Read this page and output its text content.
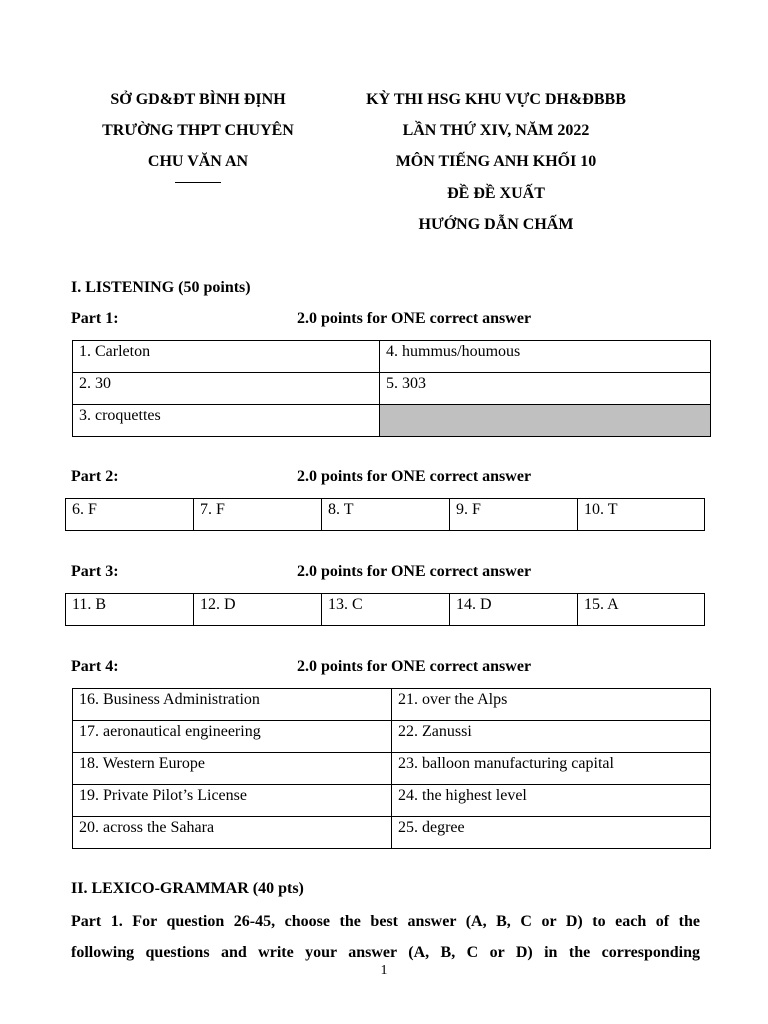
SỞ GD&ĐT BÌNH ĐỊNH
TRƯỜNG THPT CHUYÊN
CHU VĂN AN
KỲ THI HSG KHU VỰC DH&ĐBBB
LẦN THỨ XIV, NĂM 2022
MÔN TIẾNG ANH KHỐI 10
ĐỀ ĐỀ XUẤT
HƯỚNG DẪN CHẤM
I. LISTENING (50 points)
Part 1:	2.0 points for ONE correct answer
1. Carleton	4. hummus/houmous
2. 30	5. 303
3. croquettes	
Part 2:	2.0 points for ONE correct answer
6. F	7. F	8. T	9. F	10. T
Part 3:	2.0 points for ONE correct answer
11. B	12. D	13. C	14. D	15. A
Part 4:	2.0 points for ONE correct answer
16. Business Administration	21. over the Alps
17. aeronautical engineering	22. Zanussi
18. Western Europe	23. balloon manufacturing capital
19. Private Pilot’s License	24. the highest level
20. across the Sahara	25. degree
II. LEXICO-GRAMMAR (40 pts)
Part 1. For question 26-45, choose the best answer (A, B, C or D) to each of the
following questions and write your answer (A, B, C or D) in the corresponding
1
